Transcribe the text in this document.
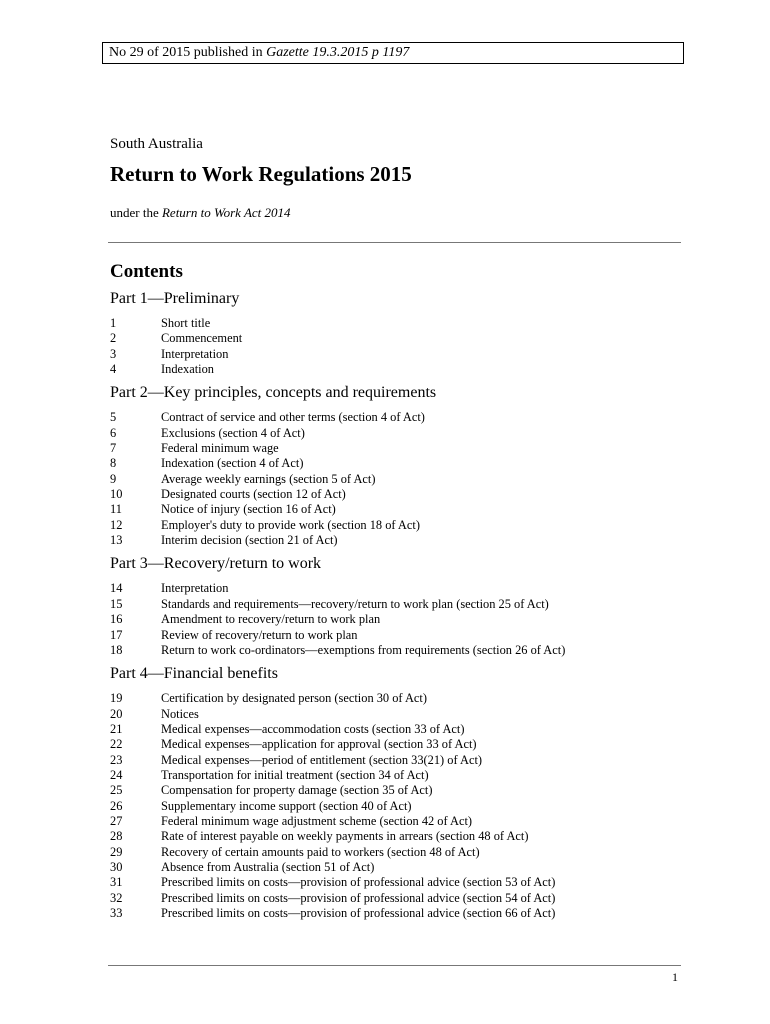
No 29 of 2015 published in Gazette 19.3.2015 p 1197
South Australia
Return to Work Regulations 2015
under the Return to Work Act 2014
Contents
Part 1—Preliminary
1	Short title
2	Commencement
3	Interpretation
4	Indexation
Part 2—Key principles, concepts and requirements
5	Contract of service and other terms (section 4 of Act)
6	Exclusions (section 4 of Act)
7	Federal minimum wage
8	Indexation (section 4 of Act)
9	Average weekly earnings (section 5 of Act)
10	Designated courts (section 12 of Act)
11	Notice of injury (section 16 of Act)
12	Employer's duty to provide work (section 18 of Act)
13	Interim decision (section 21 of Act)
Part 3—Recovery/return to work
14	Interpretation
15	Standards and requirements—recovery/return to work plan (section 25 of Act)
16	Amendment to recovery/return to work plan
17	Review of recovery/return to work plan
18	Return to work co-ordinators—exemptions from requirements (section 26 of Act)
Part 4—Financial benefits
19	Certification by designated person (section 30 of Act)
20	Notices
21	Medical expenses—accommodation costs (section 33 of Act)
22	Medical expenses—application for approval (section 33 of Act)
23	Medical expenses—period of entitlement (section 33(21) of Act)
24	Transportation for initial treatment (section 34 of Act)
25	Compensation for property damage (section 35 of Act)
26	Supplementary income support (section 40 of Act)
27	Federal minimum wage adjustment scheme (section 42 of Act)
28	Rate of interest payable on weekly payments in arrears (section 48 of Act)
29	Recovery of certain amounts paid to workers (section 48 of Act)
30	Absence from Australia (section 51 of Act)
31	Prescribed limits on costs—provision of professional advice (section 53 of Act)
32	Prescribed limits on costs—provision of professional advice (section 54 of Act)
33	Prescribed limits on costs—provision of professional advice (section 66 of Act)
1
